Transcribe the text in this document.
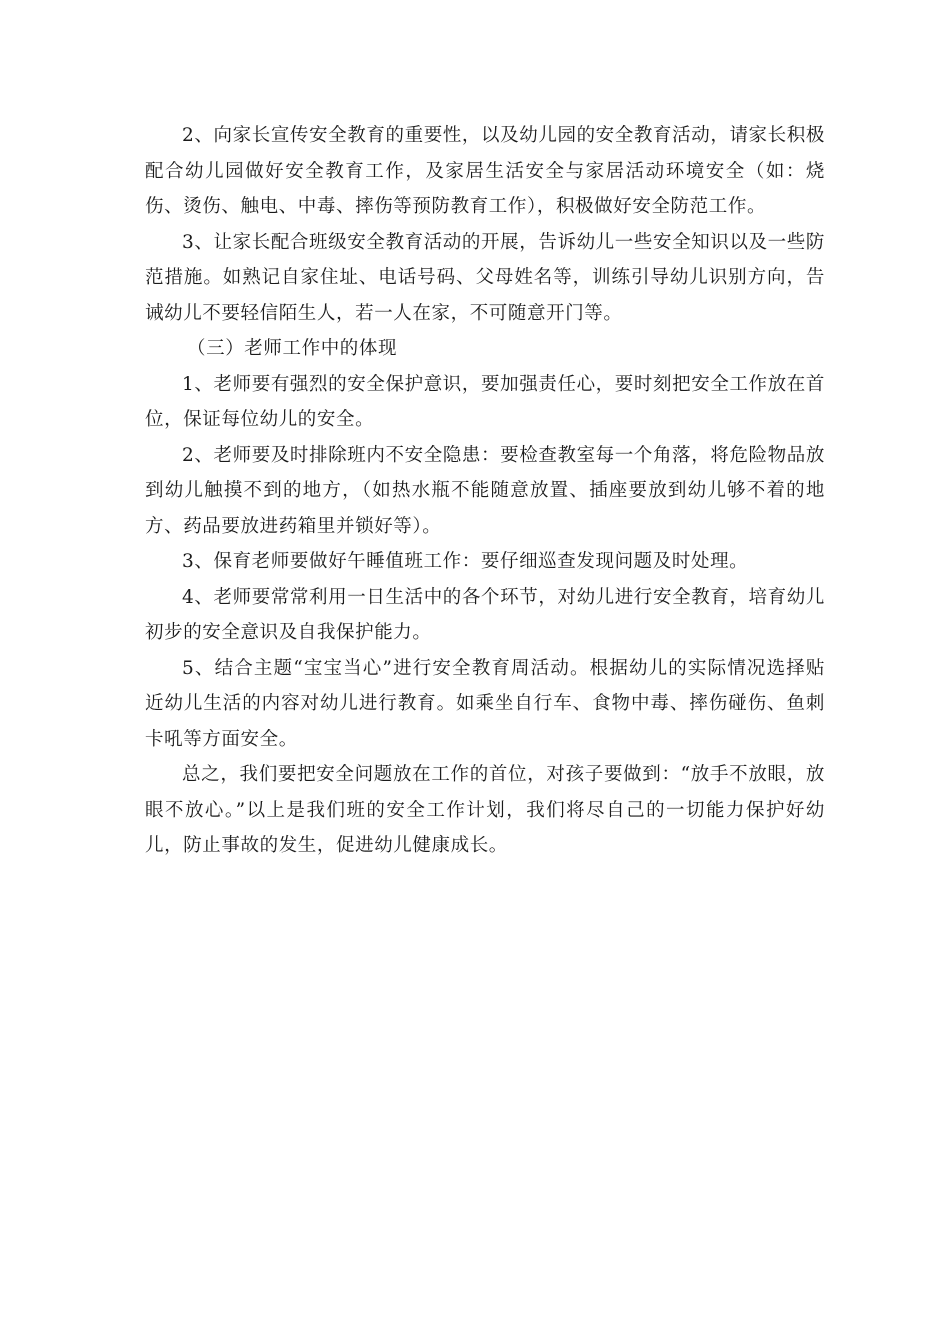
2、向家长宣传安全教育的重要性，以及幼儿园的安全教育活动，请家长积极配合幼儿园做好安全教育工作，及家居生活安全与家居活动环境安全（如：烧伤、烫伤、触电、中毒、摔伤等预防教育工作），积极做好安全防范工作。

3、让家长配合班级安全教育活动的开展，告诉幼儿一些安全知识以及一些防范措施。如熟记自家住址、电话号码、父母姓名等，训练引导幼儿识别方向，告诫幼儿不要轻信陌生人，若一人在家，不可随意开门等。

（三）老师工作中的体现

1、老师要有强烈的安全保护意识，要加强责任心，要时刻把安全工作放在首位，保证每位幼儿的安全。

2、老师要及时排除班内不安全隐患：要检查教室每一个角落，将危险物品放到幼儿触摸不到的地方，（如热水瓶不能随意放置、插座要放到幼儿够不着的地方、药品要放进药箱里并锁好等）。

3、保育老师要做好午睡值班工作：要仔细巡查发现问题及时处理。

4、老师要常常利用一日生活中的各个环节，对幼儿进行安全教育，培育幼儿初步的安全意识及自我保护能力。

5、结合主题“宝宝当心”进行安全教育周活动。根据幼儿的实际情况选择贴近幼儿生活的内容对幼儿进行教育。如乘坐自行车、食物中毒、摔伤碰伤、鱼刺卡吼等方面安全。

总之，我们要把安全问题放在工作的首位，对孩子要做到：“放手不放眼，放眼不放心。”以上是我们班的安全工作计划，我们将尽自己的一切能力保护好幼儿，防止事故的发生，促进幼儿健康成长。
